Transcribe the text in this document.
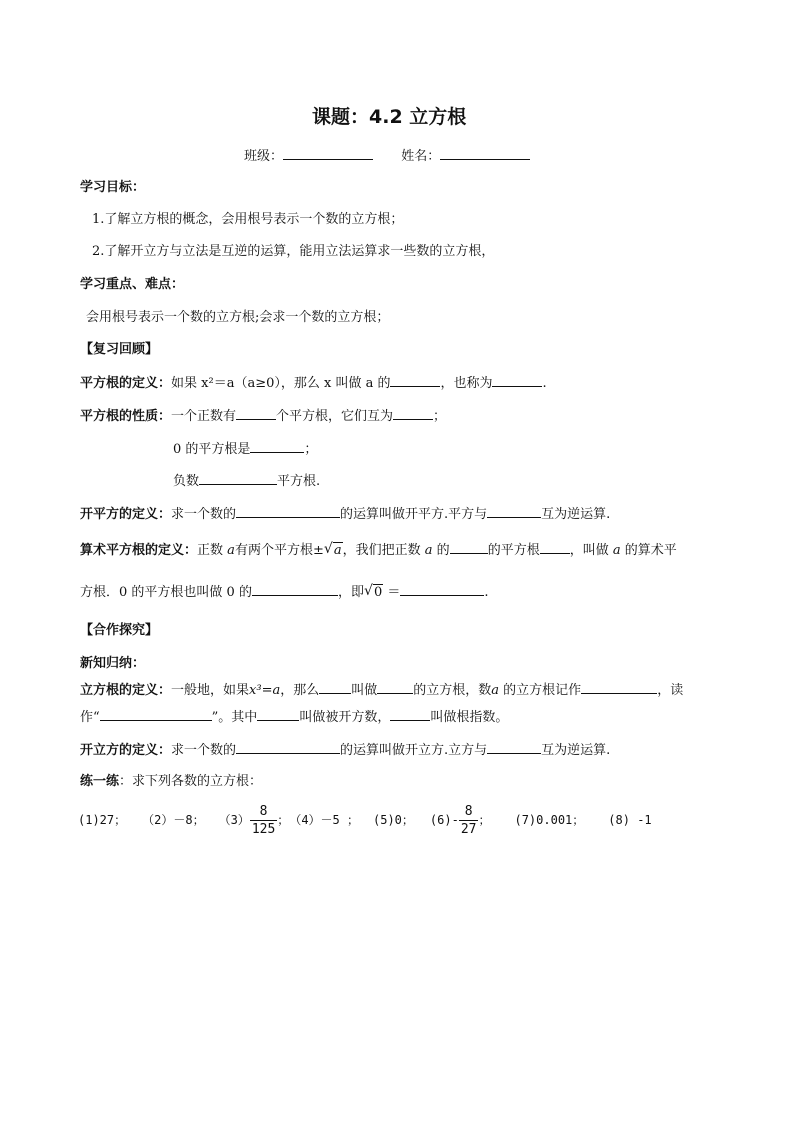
课题：4.2 立方根
班级：	姓名：
学习目标：
1.了解立方根的概念，会用根号表示一个数的立方根；
2.了解开立方与立法是互逆的运算，能用立法运算求一些数的立方根，
学习重点、难点：
会用根号表示一个数的立方根;会求一个数的立方根；
【复习回顾】
平方根的定义：如果 x²＝a（a≥0），那么 x 叫做 a 的	，也称为	.
平方根的性质：一个正数有	个平方根，它们互为	；
0 的平方根是	；
负数	平方根.
开平方的定义：求一个数的	的运算叫做开平方.平方与	互为逆运算.
算术平方根的定义：正数 a有两个平方根± √ a，我们把正数 a 的	的平方根 ，叫做 a 的算术平
方根．0 的平方根也叫做 0 的	，即 √ 0 ＝	.
【合作探究】
新知归纳：
立方根的定义：一般地，如果x³=a，那么 叫做	的立方根，数a 的立方根记作	，读
作“	”。其中	叫做被开方数，	叫做根指数。
开立方的定义：求一个数的	的运算叫做开立方.立方与	互为逆运算.
练一练：求下列各数的立方根：
(1)27； （2）－8； $(3) \frac{8}{125}$ ； （4）－5 ； (5)0； $(6)- \frac{8}{27}$ ； (7)0.001； (8) -1
